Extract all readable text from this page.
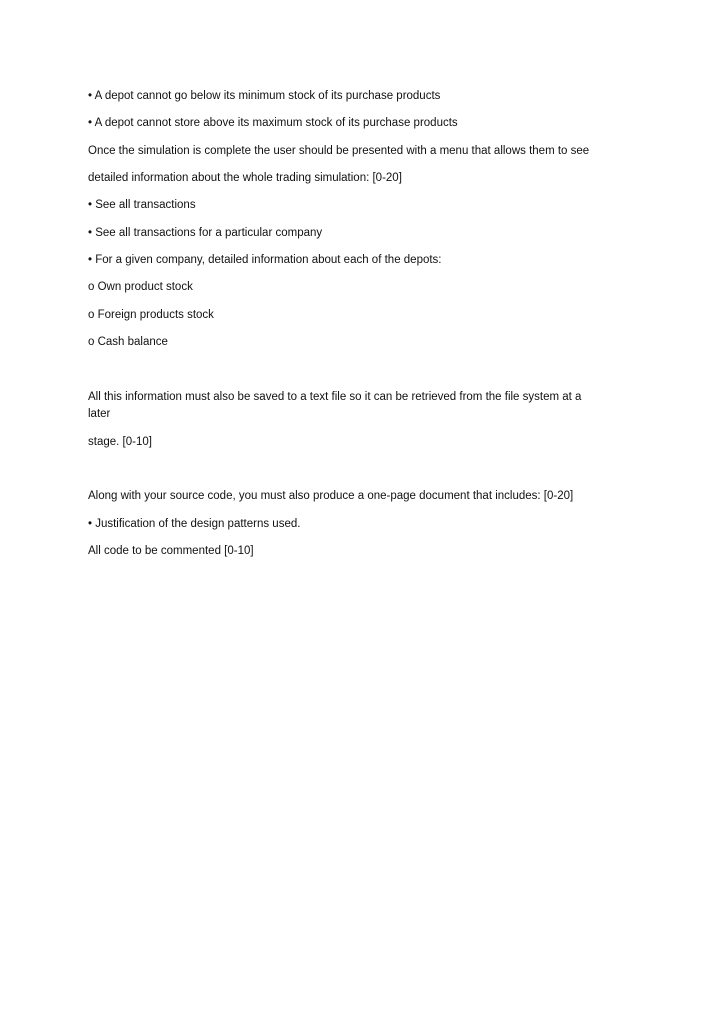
• A depot cannot go below its minimum stock of its purchase products
• A depot cannot store above its maximum stock of its purchase products
Once the simulation is complete the user should be presented with a menu that allows them to see
detailed information about the whole trading simulation: [0-20]
• See all transactions
• See all transactions for a particular company
• For a given company, detailed information about each of the depots:
o Own product stock
o Foreign products stock
o Cash balance
All this information must also be saved to a text file so it can be retrieved from the file system at a
later
stage. [0-10]
Along with your source code, you must also produce a one-page document that includes: [0-20]
• Justification of the design patterns used.
All code to be commented [0-10]
